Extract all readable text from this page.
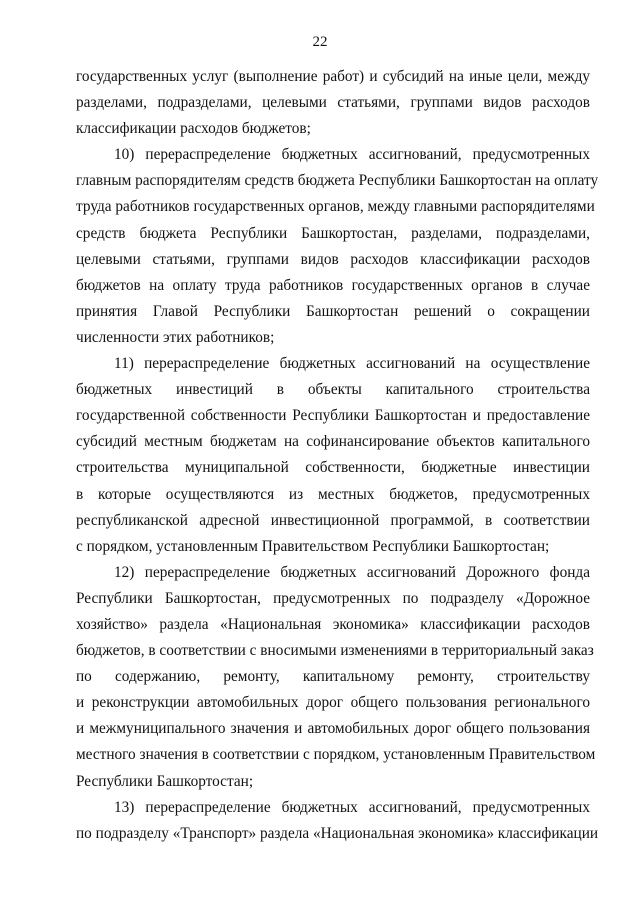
22

государственных услуг (выполнение работ) и субсидий на иные цели, между
разделами, подразделами, целевыми статьями, группами видов расходов
классификации расходов бюджетов;

10) перераспределение бюджетных ассигнований, предусмотренных
главным распорядителям средств бюджета Республики Башкортостан на оплату
труда работников государственных органов, между главными распорядителями
средств бюджета Республики Башкортостан, разделами, подразделами,
целевыми статьями, группами видов расходов классификации расходов
бюджетов на оплату труда работников государственных органов в случае
принятия Главой Республики Башкортостан решений о сокращении
численности этих работников;

11) перераспределение бюджетных ассигнований на осуществление
бюджетных инвестиций в объекты капитального строительства
государственной собственности Республики Башкортостан и предоставление
субсидий местным бюджетам на софинансирование объектов капитального
строительства муниципальной собственности, бюджетные инвестиции
в которые осуществляются из местных бюджетов, предусмотренных
республиканской адресной инвестиционной программой, в соответствии
с порядком, установленным Правительством Республики Башкортостан;

12) перераспределение бюджетных ассигнований Дорожного фонда
Республики Башкортостан, предусмотренных по подразделу «Дорожное
хозяйство» раздела «Национальная экономика» классификации расходов
бюджетов, в соответствии с вносимыми изменениями в территориальный заказ
по содержанию, ремонту, капитальному ремонту, строительству
и реконструкции автомобильных дорог общего пользования регионального
и межмуниципального значения и автомобильных дорог общего пользования
местного значения в соответствии с порядком, установленным Правительством
Республики Башкортостан;

13) перераспределение бюджетных ассигнований, предусмотренных
по подразделу «Транспорт» раздела «Национальная экономика» классификации
